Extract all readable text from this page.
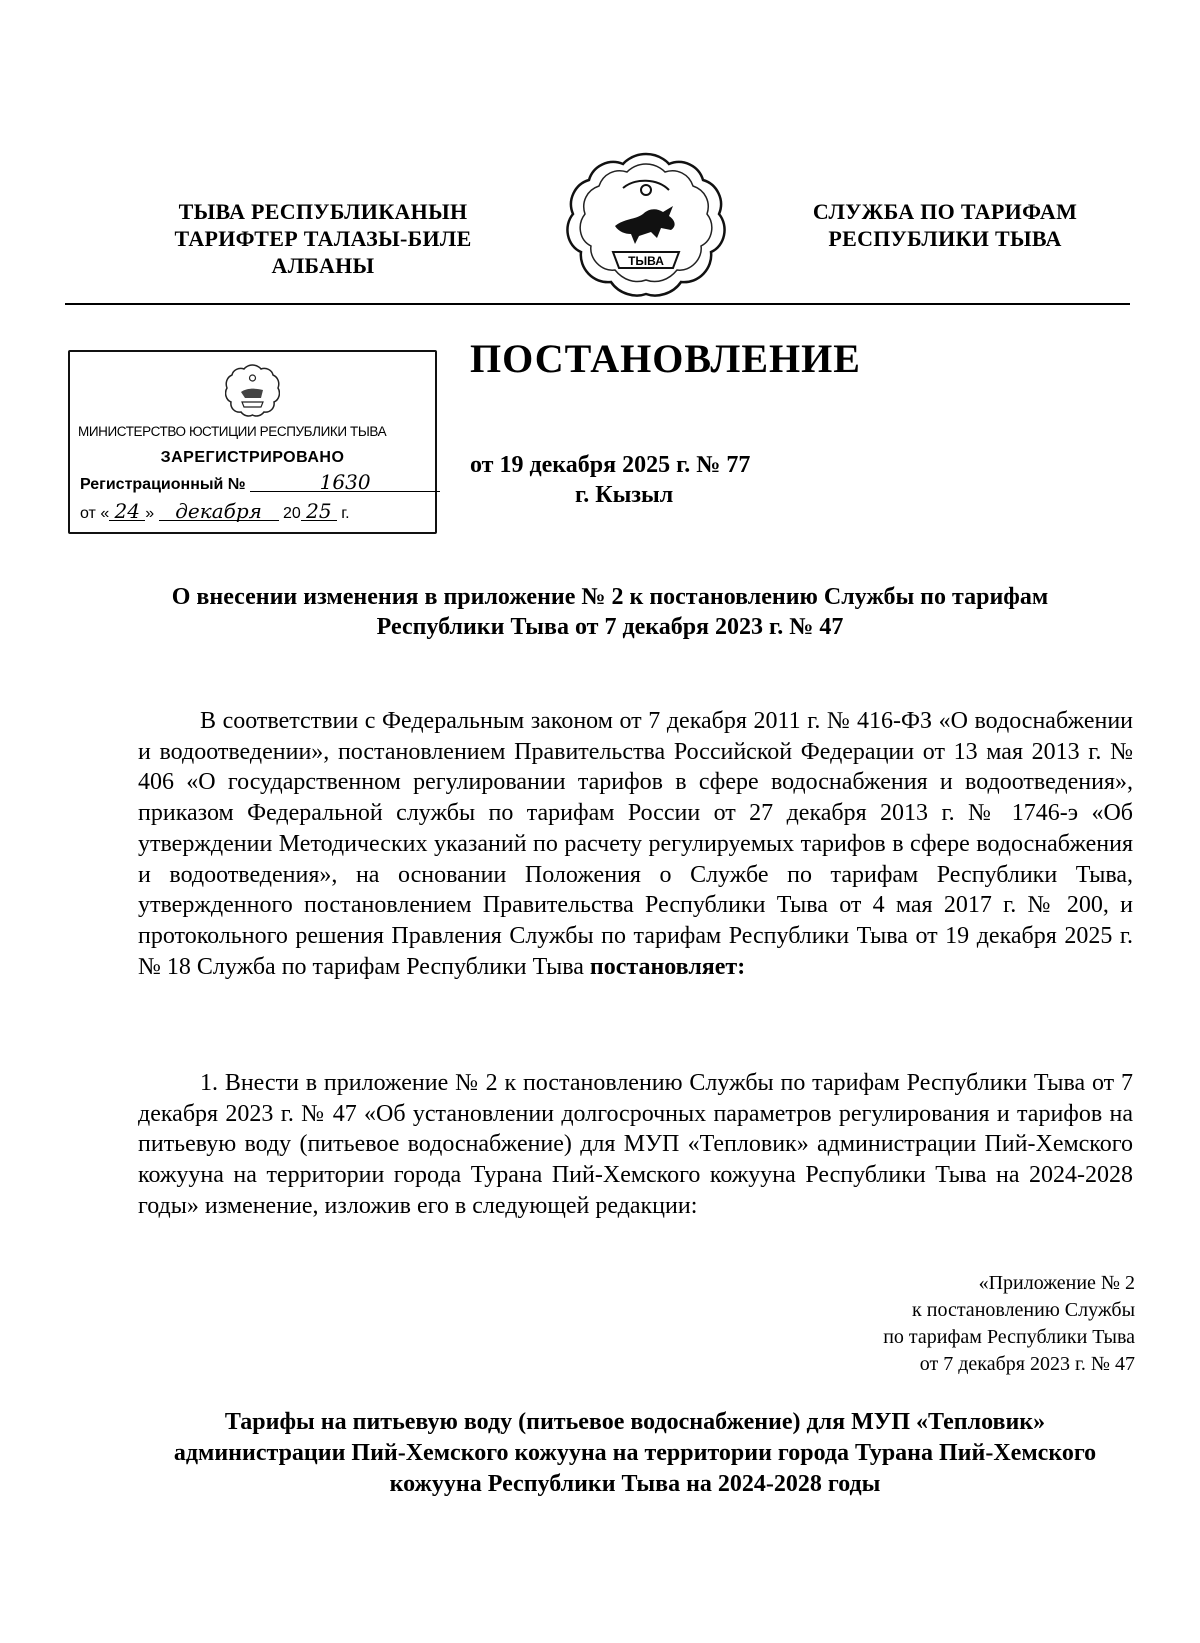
ТЫВА РЕСПУБЛИКАНЫН
ТАРИФТЕР ТАЛАЗЫ-БИЛЕ
АЛБАНЫ	ТЫВА
СЛУЖБА ПО ТАРИФАМ
РЕСПУБЛИКИ ТЫВА
МИНИСТЕРСТВО ЮСТИЦИИ РЕСПУБЛИКИ ТЫВА
ЗАРЕГИСТРИРОВАНО
Регистрационный №	1630
от « 24 » декабря 20 25 г.
ПОСТАНОВЛЕНИЕ
от 19 декабря 2025 г. № 77
г. Кызыл
О внесении изменения в приложение № 2 к постановлению Службы по тарифам Республики Тыва от 7 декабря 2023 г. № 47
В соответствии с Федеральным законом от 7 декабря 2011 г. № 416-ФЗ «О водоснабжении и водоотведении», постановлением Правительства Российской Федерации от 13 мая 2013 г. № 406 «О государственном регулировании тарифов в сфере водоснабжения и водоотведения», приказом Федеральной службы по тарифам России от 27 декабря 2013 г. № 1746-э «Об утверждении Методических указаний по расчету регулируемых тарифов в сфере водоснабжения и водоотведения», на основании Положения о Службе по тарифам Республики Тыва, утвержденного постановлением Правительства Республики Тыва от 4 мая 2017 г. № 200, и протокольного решения Правления Службы по тарифам Республики Тыва от 19 декабря 2025 г. № 18 Служба по тарифам Республики Тыва постановляет:
1. Внести в приложение № 2 к постановлению Службы по тарифам Республики Тыва от 7 декабря 2023 г. № 47 «Об установлении долгосрочных параметров регулирования и тарифов на питьевую воду (питьевое водоснабжение) для МУП «Тепловик» администрации Пий-Хемского кожууна на территории города Турана Пий-Хемского кожууна Республики Тыва на 2024-2028 годы» изменение, изложив его в следующей редакции:
«Приложение № 2
к постановлению Службы
по тарифам Республики Тыва
от 7 декабря 2023 г. № 47
Тарифы на питьевую воду (питьевое водоснабжение) для МУП «Тепловик» администрации Пий-Хемского кожууна на территории города Турана Пий-Хемского кожууна Республики Тыва на 2024-2028 годы
